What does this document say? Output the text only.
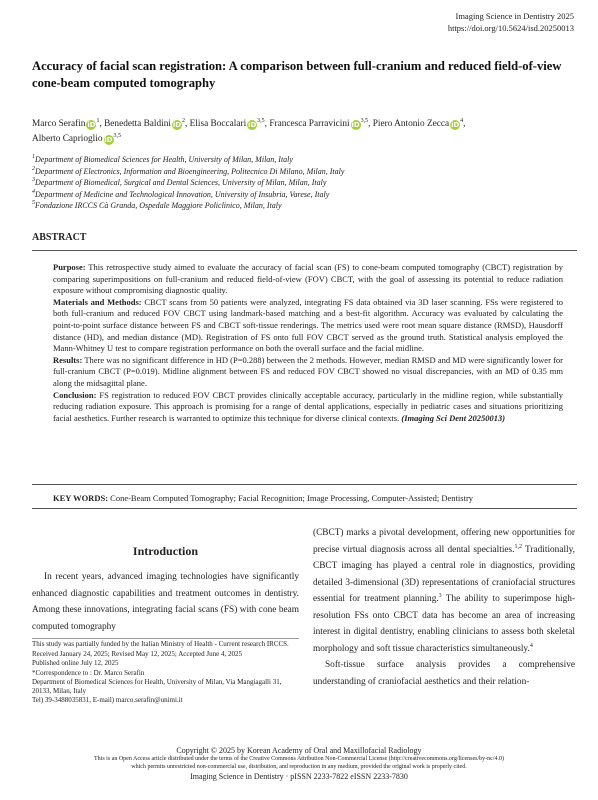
Imaging Science in Dentistry 2025
https://doi.org/10.5624/isd.20250013
Accuracy of facial scan registration: A comparison between full-cranium and reduced field-of-view cone-beam computed tomography
Marco Serafin $iD^1$, Benedetta Baldini $iD^2$, Elisa Boccalari iD$^{3,5}$, Francesca Parravicini iD$^{3,5}$, Piero Antonio Zecca $iD^4$,
Alberto Caprioglio iD$^{3,5}$
$^1$Department of Biomedical Sciences for Health, University of Milan, Milan, Italy
$^2$Department of Electronics, Information and Bioengineering, Politecnico Di Milano, Milan, Italy
$^3$Department of Biomedical, Surgical and Dental Sciences, University of Milan, Milan, Italy
$^4$Department of Medicine and Technological Innovation, University of Insubria, Varese, Italy
$^5$Fondazione IRCCS Cà Granda, Ospedale Maggiore Policlinico, Milan, Italy
ABSTRACT

Purpose: This retrospective study aimed to evaluate the accuracy of facial scan (FS) to cone-beam computed tomography (CBCT) registration by comparing superimpositions on full-cranium and reduced field-of-view (FOV) CBCT, with the goal of assessing its potential to reduce radiation exposure without compromising diagnostic quality.

Materials and Methods: CBCT scans from 50 patients were analyzed, integrating FS data obtained via 3D laser scanning. FSs were registered to both full-cranium and reduced FOV CBCT using landmark-based matching and a best-fit algorithm. Accuracy was evaluated by calculating the point-to-point surface distance between FS and CBCT soft-tissue renderings. The metrics used were root mean square distance (RMSD), Hausdorff distance (HD), and median distance (MD). Registration of FS onto full FOV CBCT served as the ground truth. Statistical analysis employed the Mann-Whitney U test to compare registration performance on both the overall surface and the facial midline.

Results: There was no significant difference in HD (P=0.288) between the 2 methods. However, median RMSD and MD were significantly lower for full-cranium CBCT (P=0.019). Midline alignment between FS and reduced FOV CBCT showed no visual discrepancies, with an MD of 0.35 mm along the midsagittal plane.

Conclusion: FS registration to reduced FOV CBCT provides clinically acceptable accuracy, particularly in the midline region, while substantially reducing radiation exposure. This approach is promising for a range of dental applications, especially in pediatric cases and situations prioritizing facial aesthetics. Further research is warranted to optimize this technique for diverse clinical contexts. (Imaging Sci Dent 20250013)

KEY WORDS: Cone-Beam Computed Tomography; Facial Recognition; Image Processing, Computer-Assisted; Dentistry
Introduction

In recent years, advanced imaging technologies have significantly enhanced diagnostic capabilities and treatment outcomes in dentistry. Among these innovations, integrating facial scans (FS) with cone beam computed tomography

(CBCT) marks a pivotal development, offering new opportunities for precise virtual diagnosis across all dental specialties.$^{1,2}$ Traditionally, CBCT imaging has played a central role in diagnostics, providing detailed 3-dimensional (3D) representations of craniofacial structures essential for treatment planning.$^3$ The ability to superimpose high-resolution FSs onto CBCT data has become an area of increasing interest in digital dentistry, enabling clinicians to assess both skeletal morphology and soft tissue characteristics simultaneously.$^4$

Soft-tissue surface analysis provides a comprehensive understanding of craniofacial aesthetics and their relation-

This study was partially funded by the Italian Ministry of Health - Current research IRCCS.

Received January 24, 2025; Revised May 12, 2025; Accepted June 4, 2025

Published online July 12, 2025

*Correspondence to : Dr. Marco Serafin

Department of Biomedical Sciences for Health, University of Milan, Via Mangiagalli 31, 20133, Milan, Italy

Tel) 39-3488035831, E-mail) marco.serafin@unimi.it

Copyright © 2025 by Korean Academy of Oral and Maxillofacial Radiology
This is an Open Access article distributed under the terms of the Creative Commons Attribution Non-Commercial License (http://creativecommons.org/licenses/by-nc/4.0)
which permits unrestricted non-commercial use, distribution, and reproduction in any medium, provided the original work is properly cited.
Imaging Science in Dentistry · pISSN 2233-7822 eISSN 2233-7830
